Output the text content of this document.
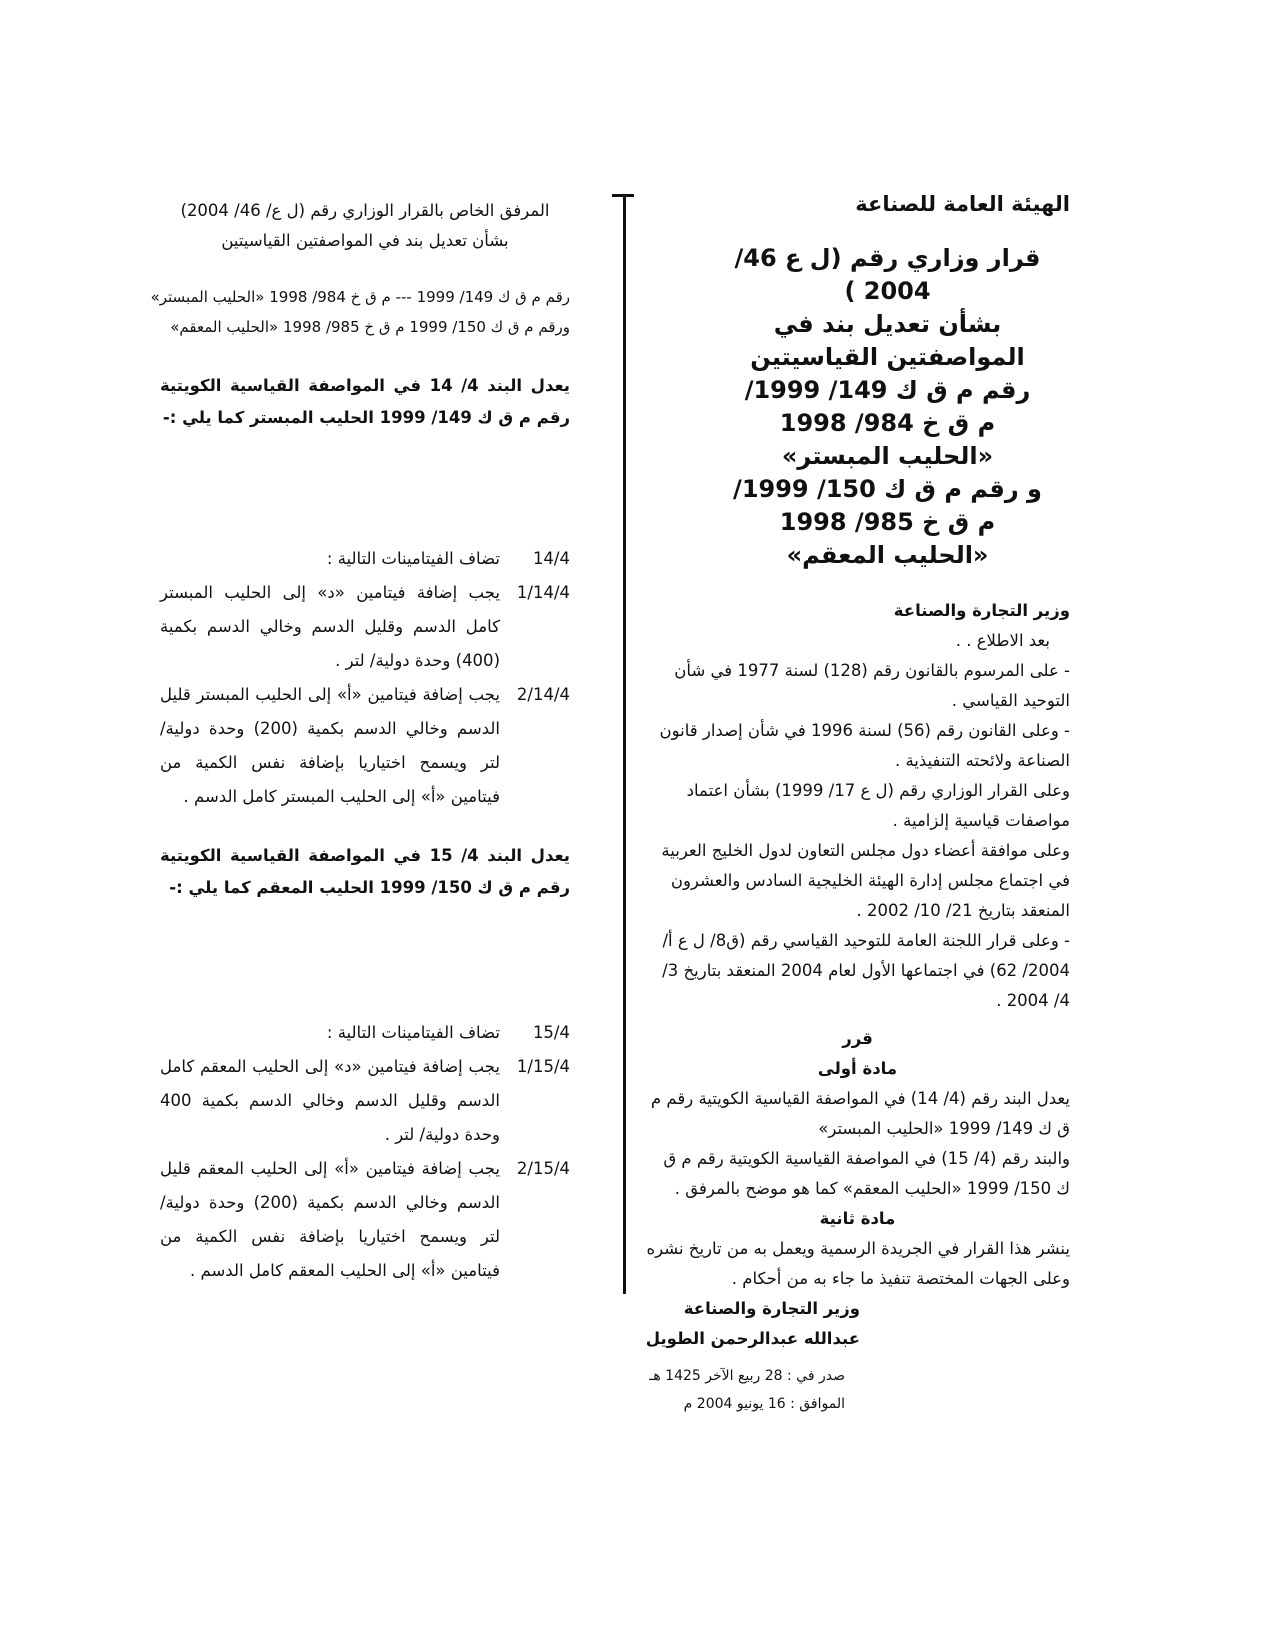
الهيئة العامة للصناعة
قرار وزاري رقم (ل ع 46/ 2004 )
بشأن تعديل بند في المواصفتين القياسيتين
رقم م ق ك 149/ 1999/
م ق خ 984/ 1998
«الحليب المبستر»
و رقم م ق ك 150/ 1999/
م ق خ 985/ 1998
«الحليب المعقم»
وزير التجارة والصناعة
بعد الاطلاع . .
- على المرسوم بالقانون رقم (128) لسنة 1977 في شأن التوحيد القياسي .
- وعلى القانون رقم (56) لسنة 1996 في شأن إصدار قانون الصناعة ولائحته التنفيذية .
وعلى القرار الوزاري رقم (ل ع 17/ 1999) بشأن اعتماد مواصفات قياسية إلزامية .
وعلى موافقة أعضاء دول مجلس التعاون لدول الخليج العربية في اجتماع مجلس إدارة الهيئة الخليجية السادس والعشرون المنعقد بتاريخ 21/ 10/ 2002 .
- وعلى قرار اللجنة العامة للتوحيد القياسي رقم (ق8/ ل ع أ/ 2004/ 62) في اجتماعها الأول لعام 2004 المنعقد بتاريخ 3/ 4/ 2004 .
قرر
مادة أولى
يعدل البند رقم (4/ 14) في المواصفة القياسية الكويتية رقم م ق ك 149/ 1999 «الحليب المبستر»
والبند رقم (4/ 15) في المواصفة القياسية الكويتية رقم م ق ك 150/ 1999 «الحليب المعقم» كما هو موضح بالمرفق .
مادة ثانية
ينشر هذا القرار في الجريدة الرسمية ويعمل به من تاريخ نشره وعلى الجهات المختصة تنفيذ ما جاء به من أحكام .
وزير التجارة والصناعة
عبدالله عبدالرحمن الطويل
صدر في : 28 ربيع الآخر 1425 هـ
الموافق : 16 يونيو 2004 م
المرفق الخاص بالقرار الوزاري رقم (ل ع/ 46/ 2004)
بشأن تعديل بند في المواصفتين القياسيتين
رقم م ق ك 149/ 1999 --- م ق خ 984/ 1998 «الحليب المبستر»
ورقم م ق ك 150/ 1999 م ق خ 985/ 1998 «الحليب المعقم»
يعدل البند 4/ 14 في المواصفة القياسية الكويتية رقم م ق ك 149/ 1999 الحليب المبستر كما يلي :-
14/4
تضاف الفيتامينات التالية :
1/14/4
يجب إضافة فيتامين «د» إلى الحليب المبستر كامل الدسم وقليل الدسم وخالي الدسم بكمية (400) وحدة دولية/ لتر .
2/14/4
يجب إضافة فيتامين «أ» إلى الحليب المبستر قليل الدسم وخالي الدسم بكمية (200) وحدة دولية/ لتر ويسمح اختياريا بإضافة نفس الكمية من فيتامين «أ» إلى الحليب المبستر كامل الدسم .
يعدل البند 4/ 15 في المواصفة القياسية الكويتية رقم م ق ك 150/ 1999 الحليب المعقم كما يلي :-
15/4
تضاف الفيتامينات التالية :
1/15/4
يجب إضافة فيتامين «د» إلى الحليب المعقم كامل الدسم وقليل الدسم وخالي الدسم بكمية 400 وحدة دولية/ لتر .
2/15/4
يجب إضافة فيتامين «أ» إلى الحليب المعقم قليل الدسم وخالي الدسم بكمية (200) وحدة دولية/ لتر ويسمح اختياريا بإضافة نفس الكمية من فيتامين «أ» إلى الحليب المعقم كامل الدسم .
